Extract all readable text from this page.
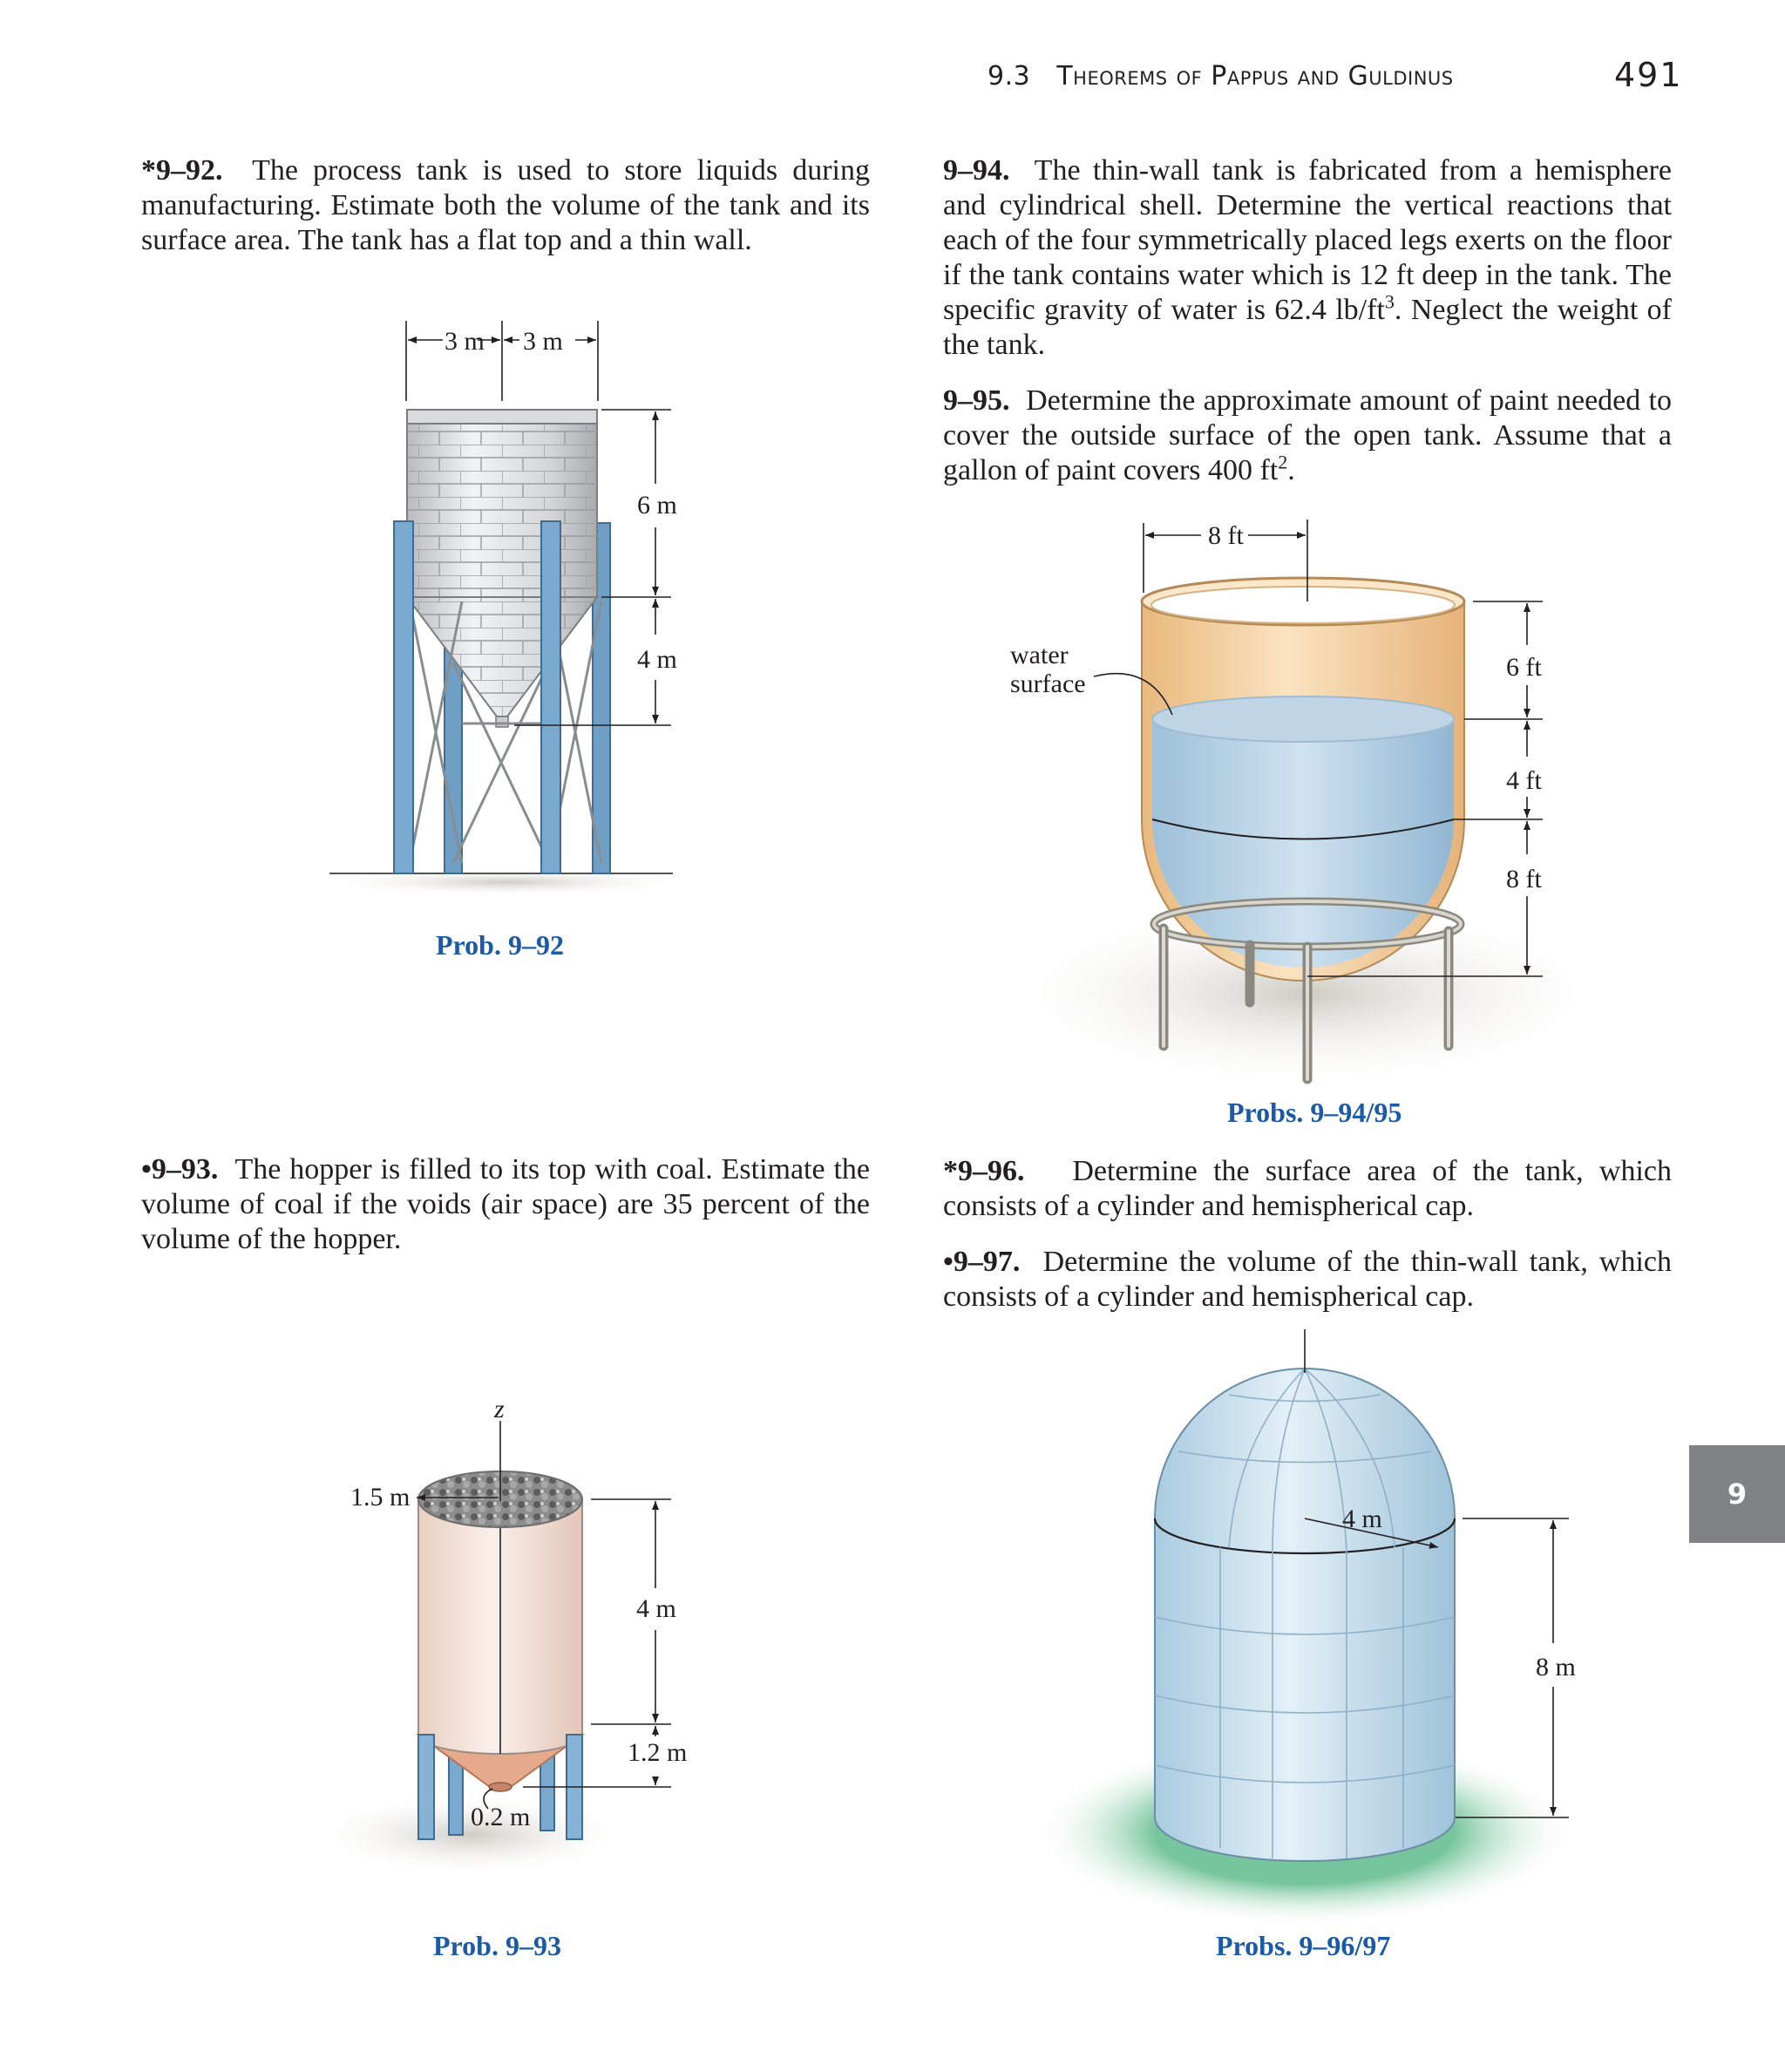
9.3 Theorems of Pappus and Guldinus	491
*9–92. The process tank is used to store liquids during manufacturing. Estimate both the volume of the tank and its surface area. The tank has a flat top and a thin wall.
9–94. The thin-wall tank is fabricated from a hemisphere and cylindrical shell. Determine the vertical reactions that each of the four symmetrically placed legs exerts on the floor if the tank contains water which is 12 ft deep in the tank. The specific gravity of water is 62.4 $lb/ft^3$. Neglect the weight of the tank.
9–95. Determine the approximate amount of paint needed to cover the outside surface of the open tank. Assume that a gallon of paint covers 400 $ft^2$.
•9–93. The hopper is filled to its top with coal. Estimate the volume of coal if the voids (air space) are 35 percent of the volume of the hopper.
*9–96. Determine the surface area of the tank, which consists of a cylinder and hemispherical cap.
•9–97. Determine the volume of the thin-wall tank, which consists of a cylinder and hemispherical cap.
Prob. 9–92
Probs. 9–94/95
Prob. 9–93	Probs. 9–96/97
9
3 m 3 m
6 m
4 m
8 ft
water
surface
6 ft
4 ft
8 ft
z
1.5 m
4 m
1.2 m
0.2 m
4 m
8 m
